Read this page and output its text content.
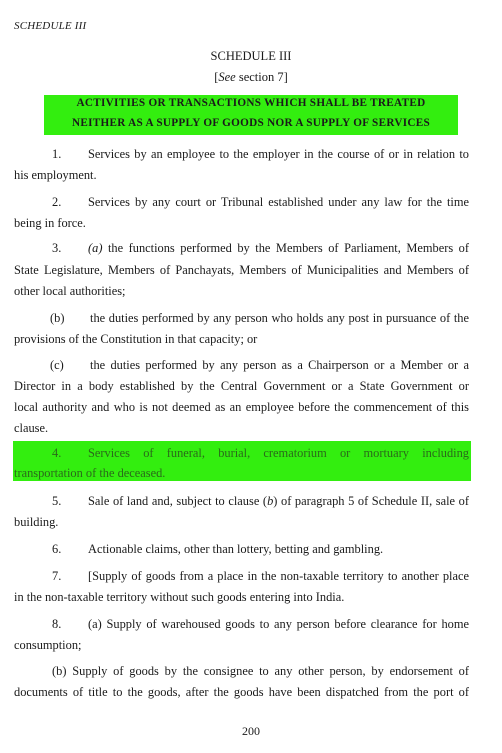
SCHEDULE III
SCHEDULE III
[See section 7]
ACTIVITIES OR TRANSACTIONS WHICH SHALL BE TREATED
NEITHER AS A SUPPLY OF GOODS NOR A SUPPLY OF SERVICES
1. Services by an employee to the employer in the course of or in relation to
his employment.
2. Services by any court or Tribunal established under any law for the time
being in force.
3. (a) the functions performed by the Members of Parliament, Members of
State Legislature, Members of Panchayats, Members of Municipalities and Members of
other local authorities;
(b) the duties performed by any person who holds any post in pursuance of the
provisions of the Constitution in that capacity; or
(c) the duties performed by any person as a Chairperson or a Member or a
Director in a body established by the Central Government or a State Government or
local authority and who is not deemed as an employee before the commencement of this
clause.
4. Services of funeral, burial, crematorium or mortuary including
transportation of the deceased.
5. Sale of land and, subject to clause (b) of paragraph 5 of Schedule II, sale of
building.
6. Actionable claims, other than lottery, betting and gambling.
7. [Supply of goods from a place in the non-taxable territory to another place
in the non-taxable territory without such goods entering into India.
8. (a) Supply of warehoused goods to any person before clearance for home
consumption;
(b) Supply of goods by the consignee to any other person, by endorsement of
documents of title to the goods, after the goods have been dispatched from the port of
200
